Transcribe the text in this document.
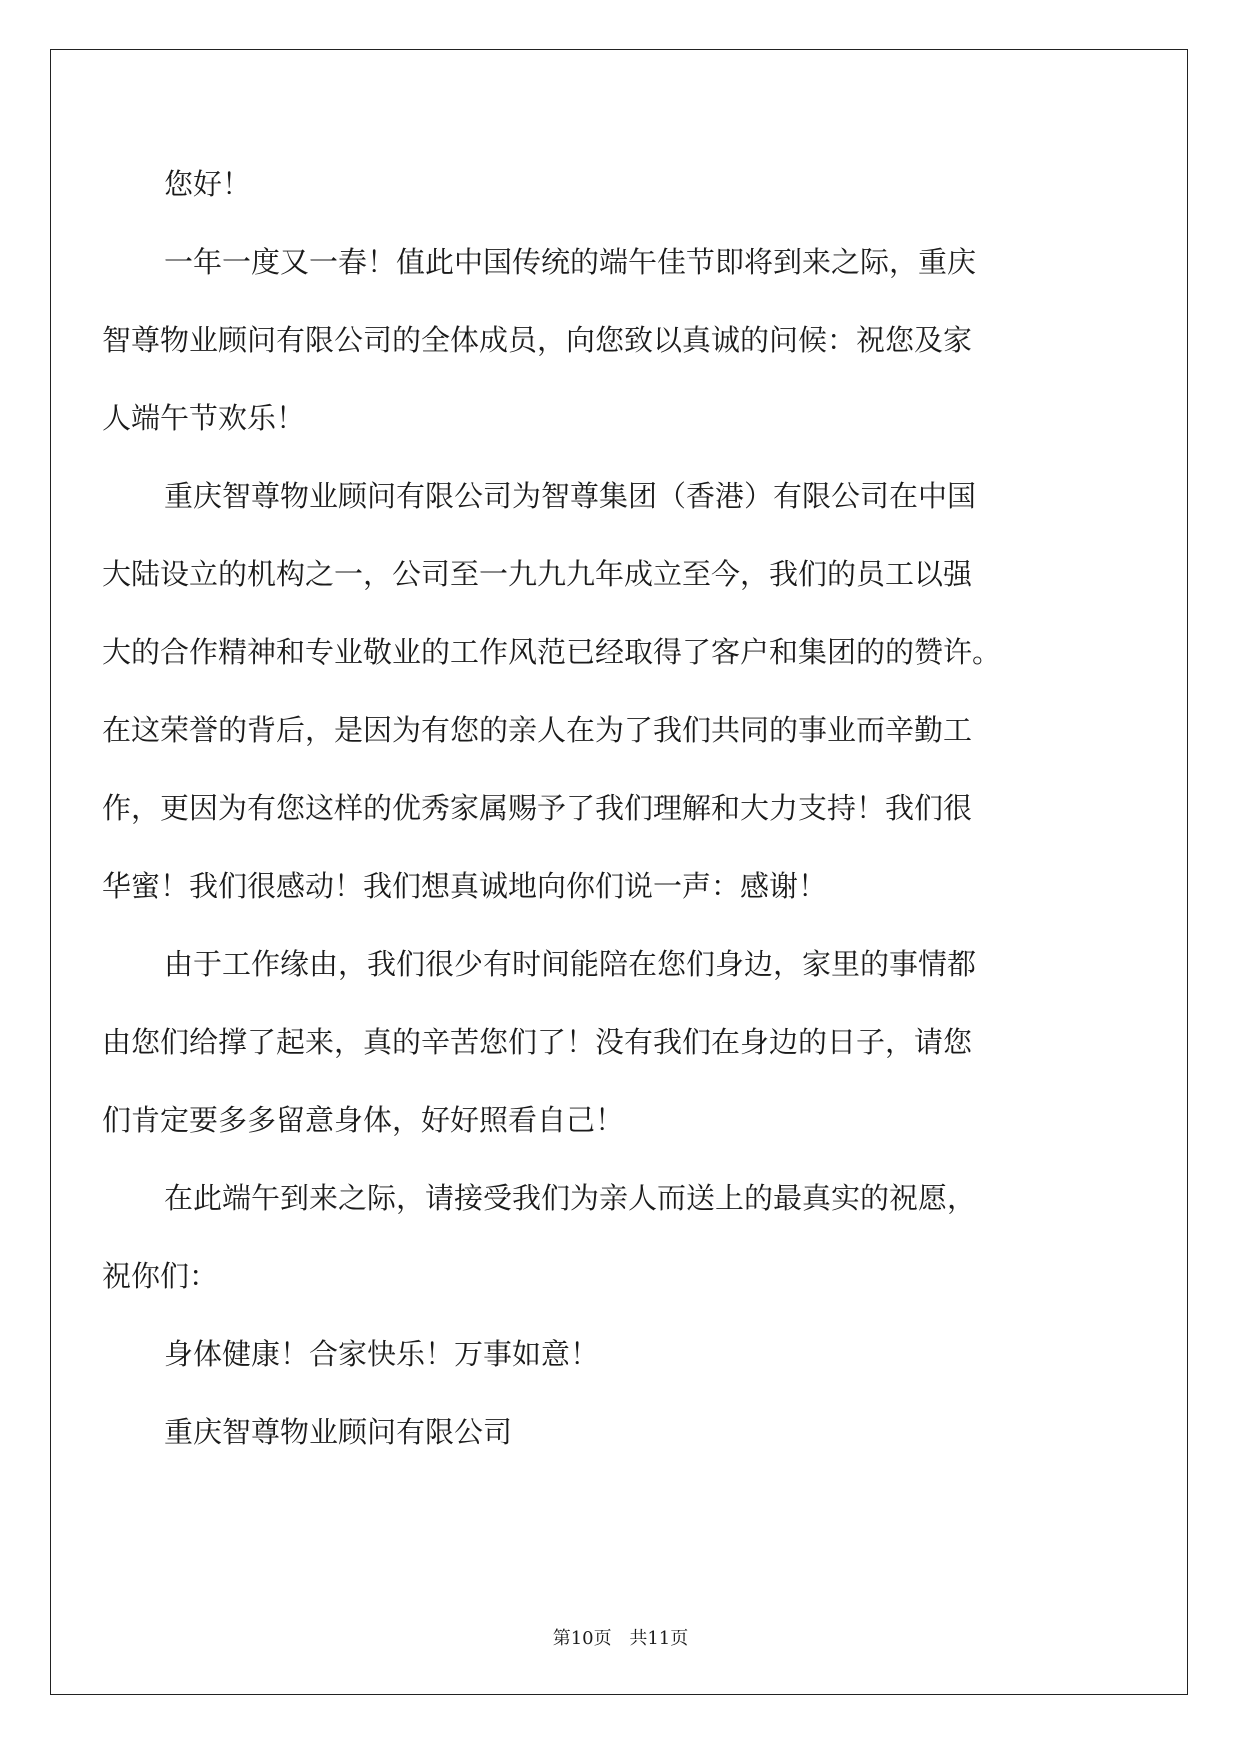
您好！
一年一度又一春！值此中国传统的端午佳节即将到来之际，重庆
智尊物业顾问有限公司的全体成员，向您致以真诚的问候：祝您及家
人端午节欢乐！
重庆智尊物业顾问有限公司为智尊集团（香港）有限公司在中国
大陆设立的机构之一，公司至一九九九年成立至今，我们的员工以强
大的合作精神和专业敬业的工作风范已经取得了客户和集团的的赞许。
在这荣誉的背后，是因为有您的亲人在为了我们共同的事业而辛勤工
作，更因为有您这样的优秀家属赐予了我们理解和大力支持！我们很
华蜜！我们很感动！我们想真诚地向你们说一声：感谢！
由于工作缘由，我们很少有时间能陪在您们身边，家里的事情都
由您们给撑了起来，真的辛苦您们了！没有我们在身边的日子，请您
们肯定要多多留意身体，好好照看自己！
在此端午到来之际，请接受我们为亲人而送上的最真实的祝愿，
祝你们：
身体健康！合家快乐！万事如意！
重庆智尊物业顾问有限公司
第10页 共11页
